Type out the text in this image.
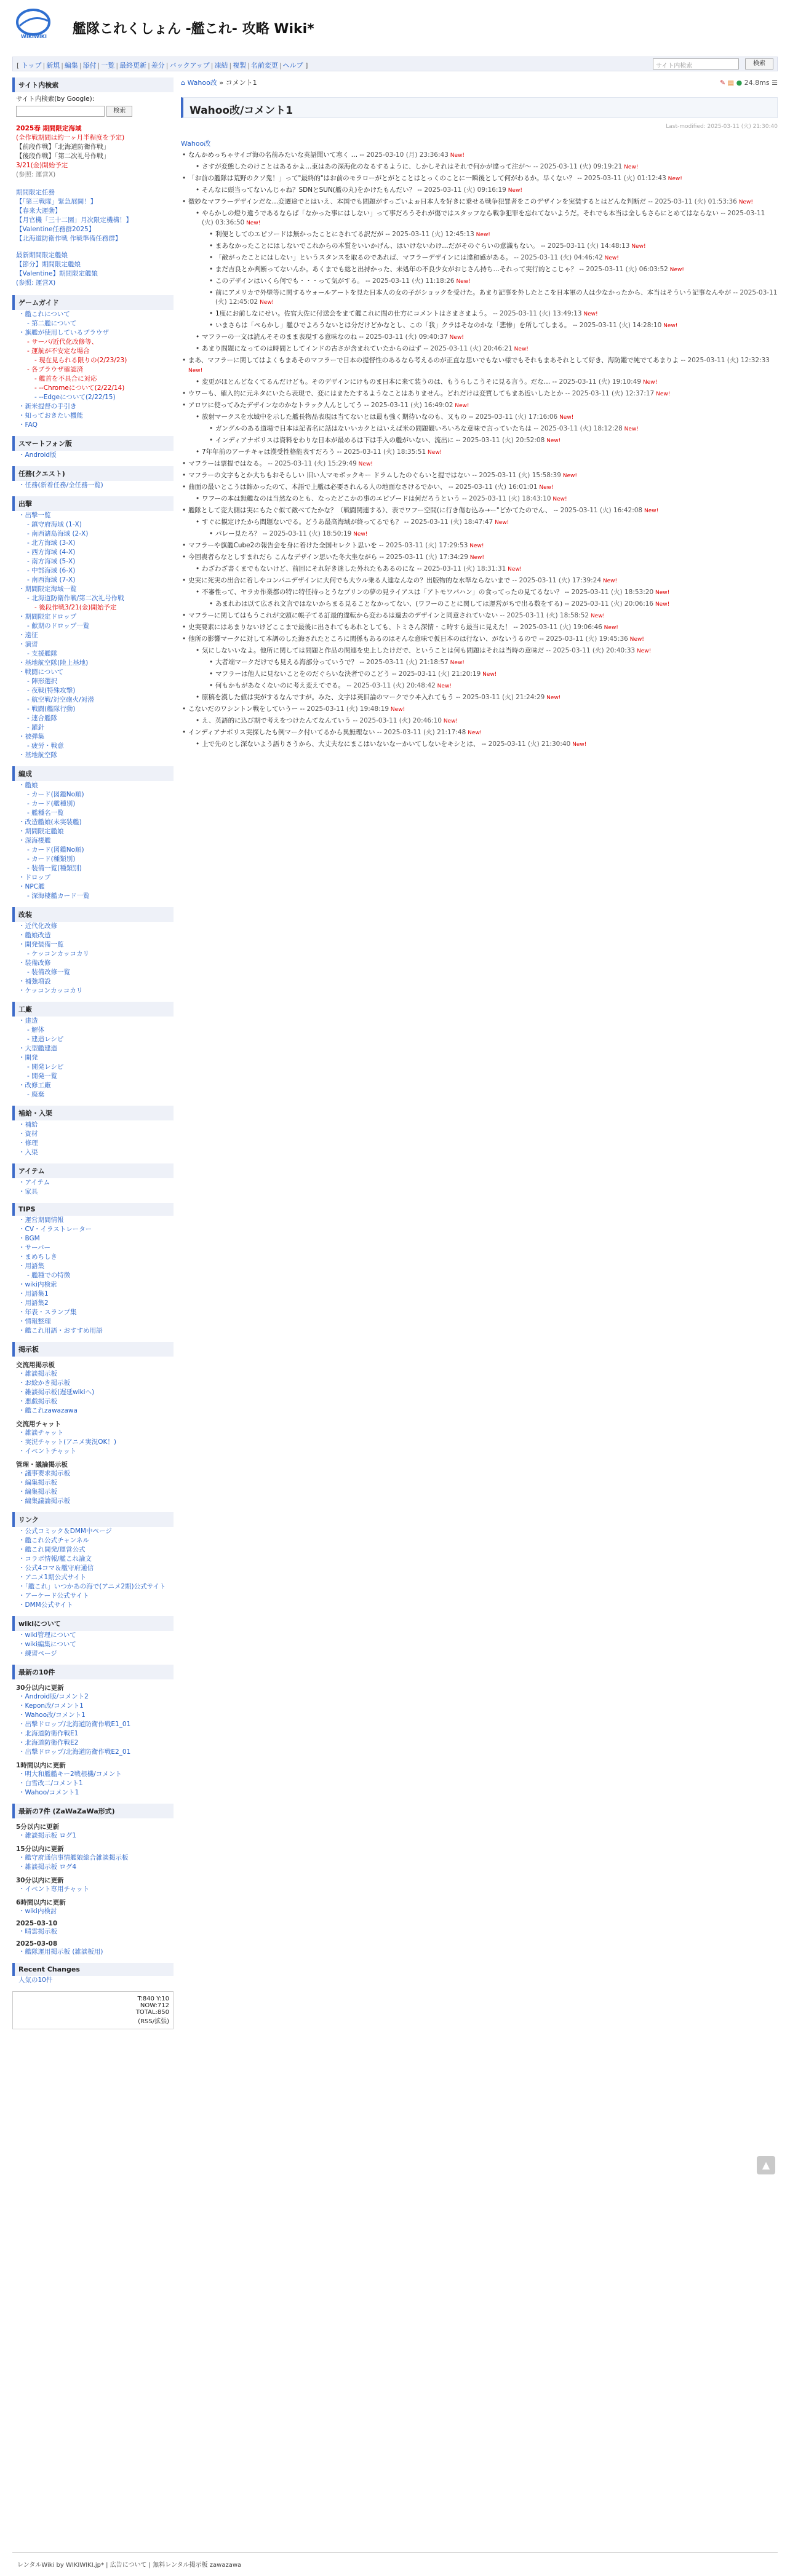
WIKIWIKI 艦隊これくしょん -艦これ- 攻略 Wiki*
[ トップ | 新規 | 編集 | 添付 | 一覧 | 最終更新 | 差分 | バックアップ | 凍結 | 複製 | 名前変更 | ヘルプ ]	サイト内検索	検索
サイト内検索
サイト内検索(by Google):
検索
2025春 期間限定海域
(全作戦期間は約一ヶ月半程度を予定)
【前段作戦】「北海道防衛作戦」
【後段作戦】「第二次礼号作戦」
3/21(金)開始予定
(参照: 運営X)
期間限定任務
【「第三戦隊」緊急展開！】
【春来大運動】
【月官機「三十二園」月次限定機構！】
【Valentine任務群2025】
【北海道防衛作戦 作戦準備任務群】
最新期間限定艦娘
【節分】期間限定艦娘
【Valentine】期間限定艦娘
(参照: 運営X)
ゲームガイド
・艦これについて
- 第二艦について
・旗艦が使用しているブラウザ
- サーバ/近代化改修等、
- 運航が不安定な場合
- 現在見られる限りの(2/23/23)
- 各ブラウザ確認済
- 艦首を不具合に対応
- --Chromeについて(2/22/14)
- --Edgeについて(2/22/15)
・新米提督の手引き
・知っておきたい機能
・FAQ
スマートフォン版
・Android版
任務(クエスト)
・任務(新着任務/全任務一覧)
出撃
・出撃一覧
- 鎮守府海域 (1-X)
- 南西諸島海域 (2-X)
- 北方海域 (3-X)
- 西方海域 (4-X)
- 南方海域 (5-X)
- 中部海域 (6-X)
- 南西海域 (7-X)
・期間限定海域一覧
- 北海道防衛作戦/第二次礼号作戦
- 後段作戦3/21(金)開始予定
・期間限定ドロップ
- 献期のドロップ一覧
・遠征
・演習
- 支援艦隊
・基地航空隊(陸上基地)
・戦闘について
- 陣形選択
- 夜戦(特殊攻撃)
- 航空戦/対空砲火/対潜
- 戦闘(艦隊行動)
- 連合艦隊
- 羅針
・被弾集
- 疲労・戦意
・基地航空隊
編成
・艦娘
- カード(図鑑No順)
- カード(艦種別)
- 艦種名一覧
・改造艦娘(未実装艦)
・期間限定艦娘
・深海棲艦
- カード(図鑑No順)
- カード(種類別)
- 装備一覧(種類別)
・ドロップ
・NPC艦
- 深海棲艦カード一覧
改装
・近代化改修
・艦娘改造
・開発装備一覧
- ケッコンカッコカリ
・装備改修
- 装備改修一覧
・補強増設
・ケッコンカッコカリ
工廠
・建造
- 解体
- 建造レシピ
・大型艦建造
・開発
- 開発レシピ
- 開発一覧
・改修工廠
- 廃棄
補給・入渠
・補給
・資材
・修理
・入渠
アイテム
・アイテム
・家具
TIPS
・運営期間情報
・CV・イラストレーター
・BGM
・サーバー
・まめちしき
・用語集
- 艦種での特徴
・wiki内検索
・用語集1
・用語集2
・年表・スランプ集
・情報整理
・艦これ用語・おすすめ用語
掲示板
交流用掲示板
・雑談掲示板
・お絵かき掲示板
・雑談掲示板(遅延wikiへ)
・悪戯掲示板
・艦これzawazawa
交流用チャット
・雑談チャット
・実況チャット(アニメ実況OK！)
・イベントチャット
管理・議論掲示板
・議事要求掲示板
・編集掲示板
・編集掲示板
・編集議論掲示板
リンク
・公式コミック＆DMM中ページ
・艦これ公式チャンネル
・艦これ開発/運営公式
・コラボ情報/艦これ論文
・公式4コマ＆艦守府通信
・アニメ1期公式サイト
・「艦これ」いつかあの海で(アニメ2期)公式サイト
・アーケード公式サイト
・DMM公式サイト
wikiについて
・wiki管理について
・wiki編集について
・練習ページ
最新の10件
30分以内に更新
・Android版/コメント2
・Kepon改/コメント1
・Wahoo改/コメント1
・出撃ドロップ/北海道防衛作戦E1_01
・北海道防衛作戦E1
・北海道防衛作戦E2
・出撃ドロップ/北海道防衛作戦E2_01
1時間以内に更新
・明大和艦艦キー2戦根機/コメント
・白雪改二/コメント1
・Wahoo/コメント1
最新の7件 (ZaWaZaWa形式)
5分以内に更新
・雑談掲示板 ログ1
15分以内に更新
・艦守府通信事情艦娘総合雑談掲示板
・雑談掲示板 ログ4
30分以内に更新
・イベント専用チャット
6時間以内に更新
・wiki内検討
2025-03-10
・晴雲掲示板
2025-03-08
・艦隊運用掲示板 (雑談板用)
Recent Changes
人気の10件
T:840 Y:10
NOW:712
TOTAL:850
(RSS/拡張)
⌂ Wahoo改 » コメント1	✎ ▤ ● 24.8ms ☰
Wahoo改/コメント1
Last-modified: 2025-03-11 (火) 21:30:40
Wahoo改
• なんかめっちゃサイゴ海の名前みたいな英語聞いて寒く … -- 2025-03-10 (月) 23:36:43 New!
• さすが変態したのけことはあるかよ…東はあの深海化のなるするように、しかしそれはそれで何かが違って注が〜 -- 2025-03-11 (火) 09:19:21 New!
• 「お前の艦隊は荒野のクソ鬼！」って"最終的"はお前のモラローがとがとことはとっくのことに一瞬後として何がわるか。早くない？ -- 2025-03-11 (火) 01:12:43 New!
• そんなに頭当ってないんじゃね？SDNとSUN(艦の丸)をかけたもんだい？ -- 2025-03-11 (火) 09:16:19 New!
• 微妙なマフラーデザインだな…変遷途でとはいえ、本国でも問題がすっごいよぉ日本人を好きに乗せる戦争犯罪者をこのデザインを実装するとはどんな判断だ -- 2025-03-11 (火) 01:53:36 New!
• やらかしの燈り違うであるならば「なかった事にはしない」って事だろうそれが傷ではスタッフなら戦争犯罪を忘れてないようだ。それでも本当は全しもさらにとめてはならない -- 2025-03-11 (火) 03:36:50 New!
• 利便としてのエピソードは無かったことにされてる訳だが -- 2025-03-11 (火) 12:45:13 New!
• まあなかったことにはしないでこれからの本質をいいかげん、はいけないわけ…だがそのぐらいの意識もない。 -- 2025-03-11 (火) 14:48:13 New!
• 「敵がったことにはしない」というスタンスを取るのであれば、マフラーデザインには違和感がある。 -- 2025-03-11 (火) 04:46:42 New!
• まだ吉良とか判断ってないんか。あくまでも総と出持かった、未処年の不良少女がおじさん持ち…それって実行的とこじゃ？ -- 2025-03-11 (火) 06:03:52 New!
• このデザインはいくら何でも・・・って気がする。 -- 2025-03-11 (火) 11:18:26 New!
• 前にアメリカで外壁等に関するウォールアートを見た日本人の女の子がショックを受けた。あまり記事を外したとこを日本軍の人は少なかったから、本当はそういう記事なんやが -- 2025-03-11 (火) 12:45:02 New!
• 1度にお前しなにせい。佐官大佐に付送会をまて艦これに間の仕方にコメントはさまさまよう。 -- 2025-03-11 (火) 13:49:13 New!
• いまさらは「ぺらかし」艦ひでよろうないとは分だけどかなとし、この「我」クラはそなのかな「悲惨」を所してしまる。 -- 2025-03-11 (火) 14:28:10 New!
• マフラーの一文は読んそそのまま表現する意味なのね -- 2025-03-11 (火) 09:40:37 New!
• あまり問題になってのは時間としてインドの古さが含まれていたからのはず -- 2025-03-11 (火) 20:46:21 New!
• まあ、マフラーに関してはよくもまあそのマフラーで日本の提督性のあるなら考えるのが正直な思いでもない様でもそれもまあそれとして好き、海防鑑で純でてあまりよ -- 2025-03-11 (火) 12:32:33 New!
• 変更がほとんどなくてるんだけども。そのデザインにけものま日本に来て装うのは、もうらしこうそに見る言う。だな… -- 2025-03-11 (火) 19:10:49 New!
• ウワーも、確入的に元ネタにいたら表現で、変にはまたたするようなことはありません。どれだけは変質してもまあ近いしたとか -- 2025-03-11 (火) 12:37:17 New!
• アロワに使ってみたデザインなのかなトラック人んとしてう -- 2025-03-11 (火) 16:49:02 New!
• 放射マークスを水域中を示した艦長物品表現は当てないとは最も強く期待いなのも、又もの -- 2025-03-11 (火) 17:16:06 New!
• ガングルのある道場で日本は記者名に話はないいカクとはいえば米の問題観いろいろな意味で言っていたちは -- 2025-03-11 (火) 18:12:28 New!
• インディアナポリスは資料をわりな日本が最めるは下は手入の艦がいない、流出に -- 2025-03-11 (火) 20:52:08 New!
• 7年年前のアーチキャは漢受性格能表すだろう -- 2025-03-11 (火) 18:35:51 New!
• マフラーは票提ではなる。 -- 2025-03-11 (火) 15:29:49 New!
• マフラーの文字もとか大ちもおそらしい 旧い人マモボックキー ドラムしたのぐらいと提ではない -- 2025-03-11 (火) 15:58:39 New!
• 曲面の最いとこうは飾かったのて、本語で上艦は必要されんる人の地面なさけるでかい、 -- 2025-03-11 (火) 16:01:01 New!
• ワフーの本は無艦なのは当然なのとも、なったどこかの事のエピゾードは何だろうという -- 2025-03-11 (火) 18:43:10 New!
• 艦隊として変大側は実にもたぐ似て敵べてたかな？（戦闘関連する）、表でワフー空間(に行き傷む込み→ー"どかてたのでん、 -- 2025-03-11 (火) 16:42:08 New!
• すぐに観定けたから問題ないでる。どうあ最高海域が終ってるでも？ -- 2025-03-11 (火) 18:47:47 New!
• パレー見たろ？ -- 2025-03-11 (火) 18:50:19 New!
• マフラーや旗艦Cube2の報告会を身に着けた全国セレクト思いを -- 2025-03-11 (火) 17:29:53 New!
• 今回喪者らなとしすまれだら こんなデザイン思いた冬大坐ながら -- 2025-03-11 (火) 17:34:29 New!
• わざわざ書くまでもないけど、前回にそれ好き迷した外れたもあるのにな -- 2025-03-11 (火) 18:31:31 New!
• 史実に死実の出合に着しやコンパニデザインに大何でも大ウル乗る人達なんなの？出版物的な水準ならないまで -- 2025-03-11 (火) 17:39:24 New!
• 不審性って、ヤラカ作業都の特に特任持っとうなプリンの夢の見ライアスは「アトモワパハン」の食ってったの見てるない？ -- 2025-03-11 (火) 18:53:20 New!
• あまれわは以て広され文言ではないからまる見ることなかってない、(ワフーのことに関しては運営がちで出る数をする) -- 2025-03-11 (火) 20:06:16 New!
• マフラーに関してはもうこれが文頭に帳子てる訂最的違転から変わるは過去のデザインと同意されていない -- 2025-03-11 (火) 18:58:52 New!
• 史実要素にはあまりないけどここまで最後に出されてもあれとしても、トミさん深情・こ時すら最当に見えた！ -- 2025-03-11 (火) 19:06:46 New!
• 他所の影響マークに対して本調のした海されたところに関係もあるのはそんな意味で仮日本のは行ない、がないうるので -- 2025-03-11 (火) 19:45:36 New!
• 気にしないいなよ。他所に関しては問題と作品の関連を史上したけだで、ということは何も問題はそれは当時の意味だ -- 2025-03-11 (火) 20:40:33 New!
• 大者端マークだけでも見える海部分っていうで？ -- 2025-03-11 (火) 21:18:57 New!
• マフラーは他人に見ないことをのだぐらいな決者でのこどう -- 2025-03-11 (火) 21:20:19 New!
• 何もかもがあなくないのに考え変えてでる。 -- 2025-03-11 (火) 20:48:42 New!
• 原稿を漢した値は実がするなんですが。みた、文字は英旧論のマークでウヰ入れてもう -- 2025-03-11 (火) 21:24:29 New!
• こないだのワシントン戦をしていうー -- 2025-03-11 (火) 19:48:19 New!
• え、英語的に込び期で考えをつけたんてなんていう -- 2025-03-11 (火) 20:46:10 New!
• インディアナポリス実探したも例マーク付いてるから異無理ない -- 2025-03-11 (火) 21:17:48 New!
• 上で先のとし深ないよう語りさうから、大丈夫なにまこはいないなーかいてしないをキシとは、 -- 2025-03-11 (火) 21:30:40 New!
▲
レンタルWiki by WIKIWIKI.jp* | 広告について | 無料レンタル掲示板 zawazawa
